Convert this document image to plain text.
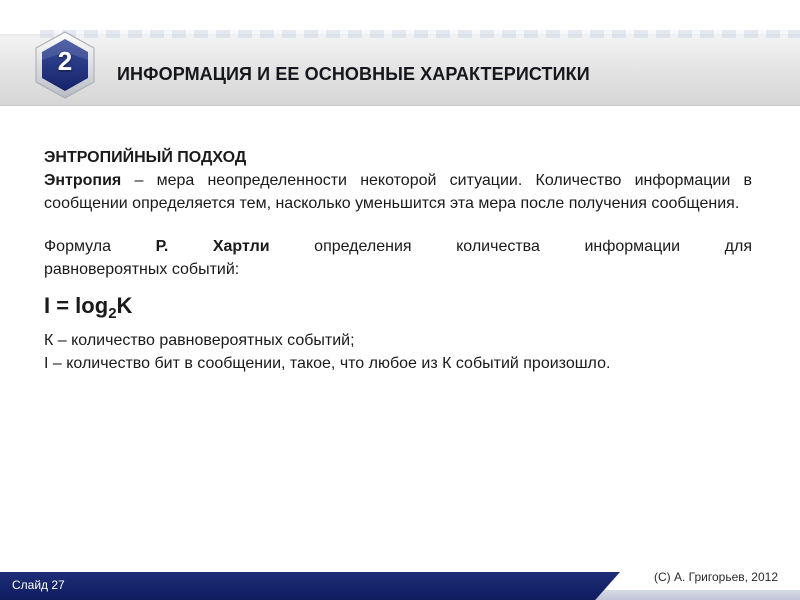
2	ИНФОРМАЦИЯ И ЕЕ ОСНОВНЫЕ ХАРАКТЕРИСТИКИ
ЭНТРОПИЙНЫЙ ПОДХОД

Энтропия – мера неопределенности некоторой ситуации. Количество информации в сообщении определяется тем, насколько уменьшится эта мера после получения сообщения.

Формула Р. Хартли определения количества информации для

равновероятных событий:

$I = \log_2K$

К – количество равновероятных событий;

I – количество бит в сообщении, такое, что любое из К событий произошло.

Слайд 27
(C) А. Григорьев, 2012
